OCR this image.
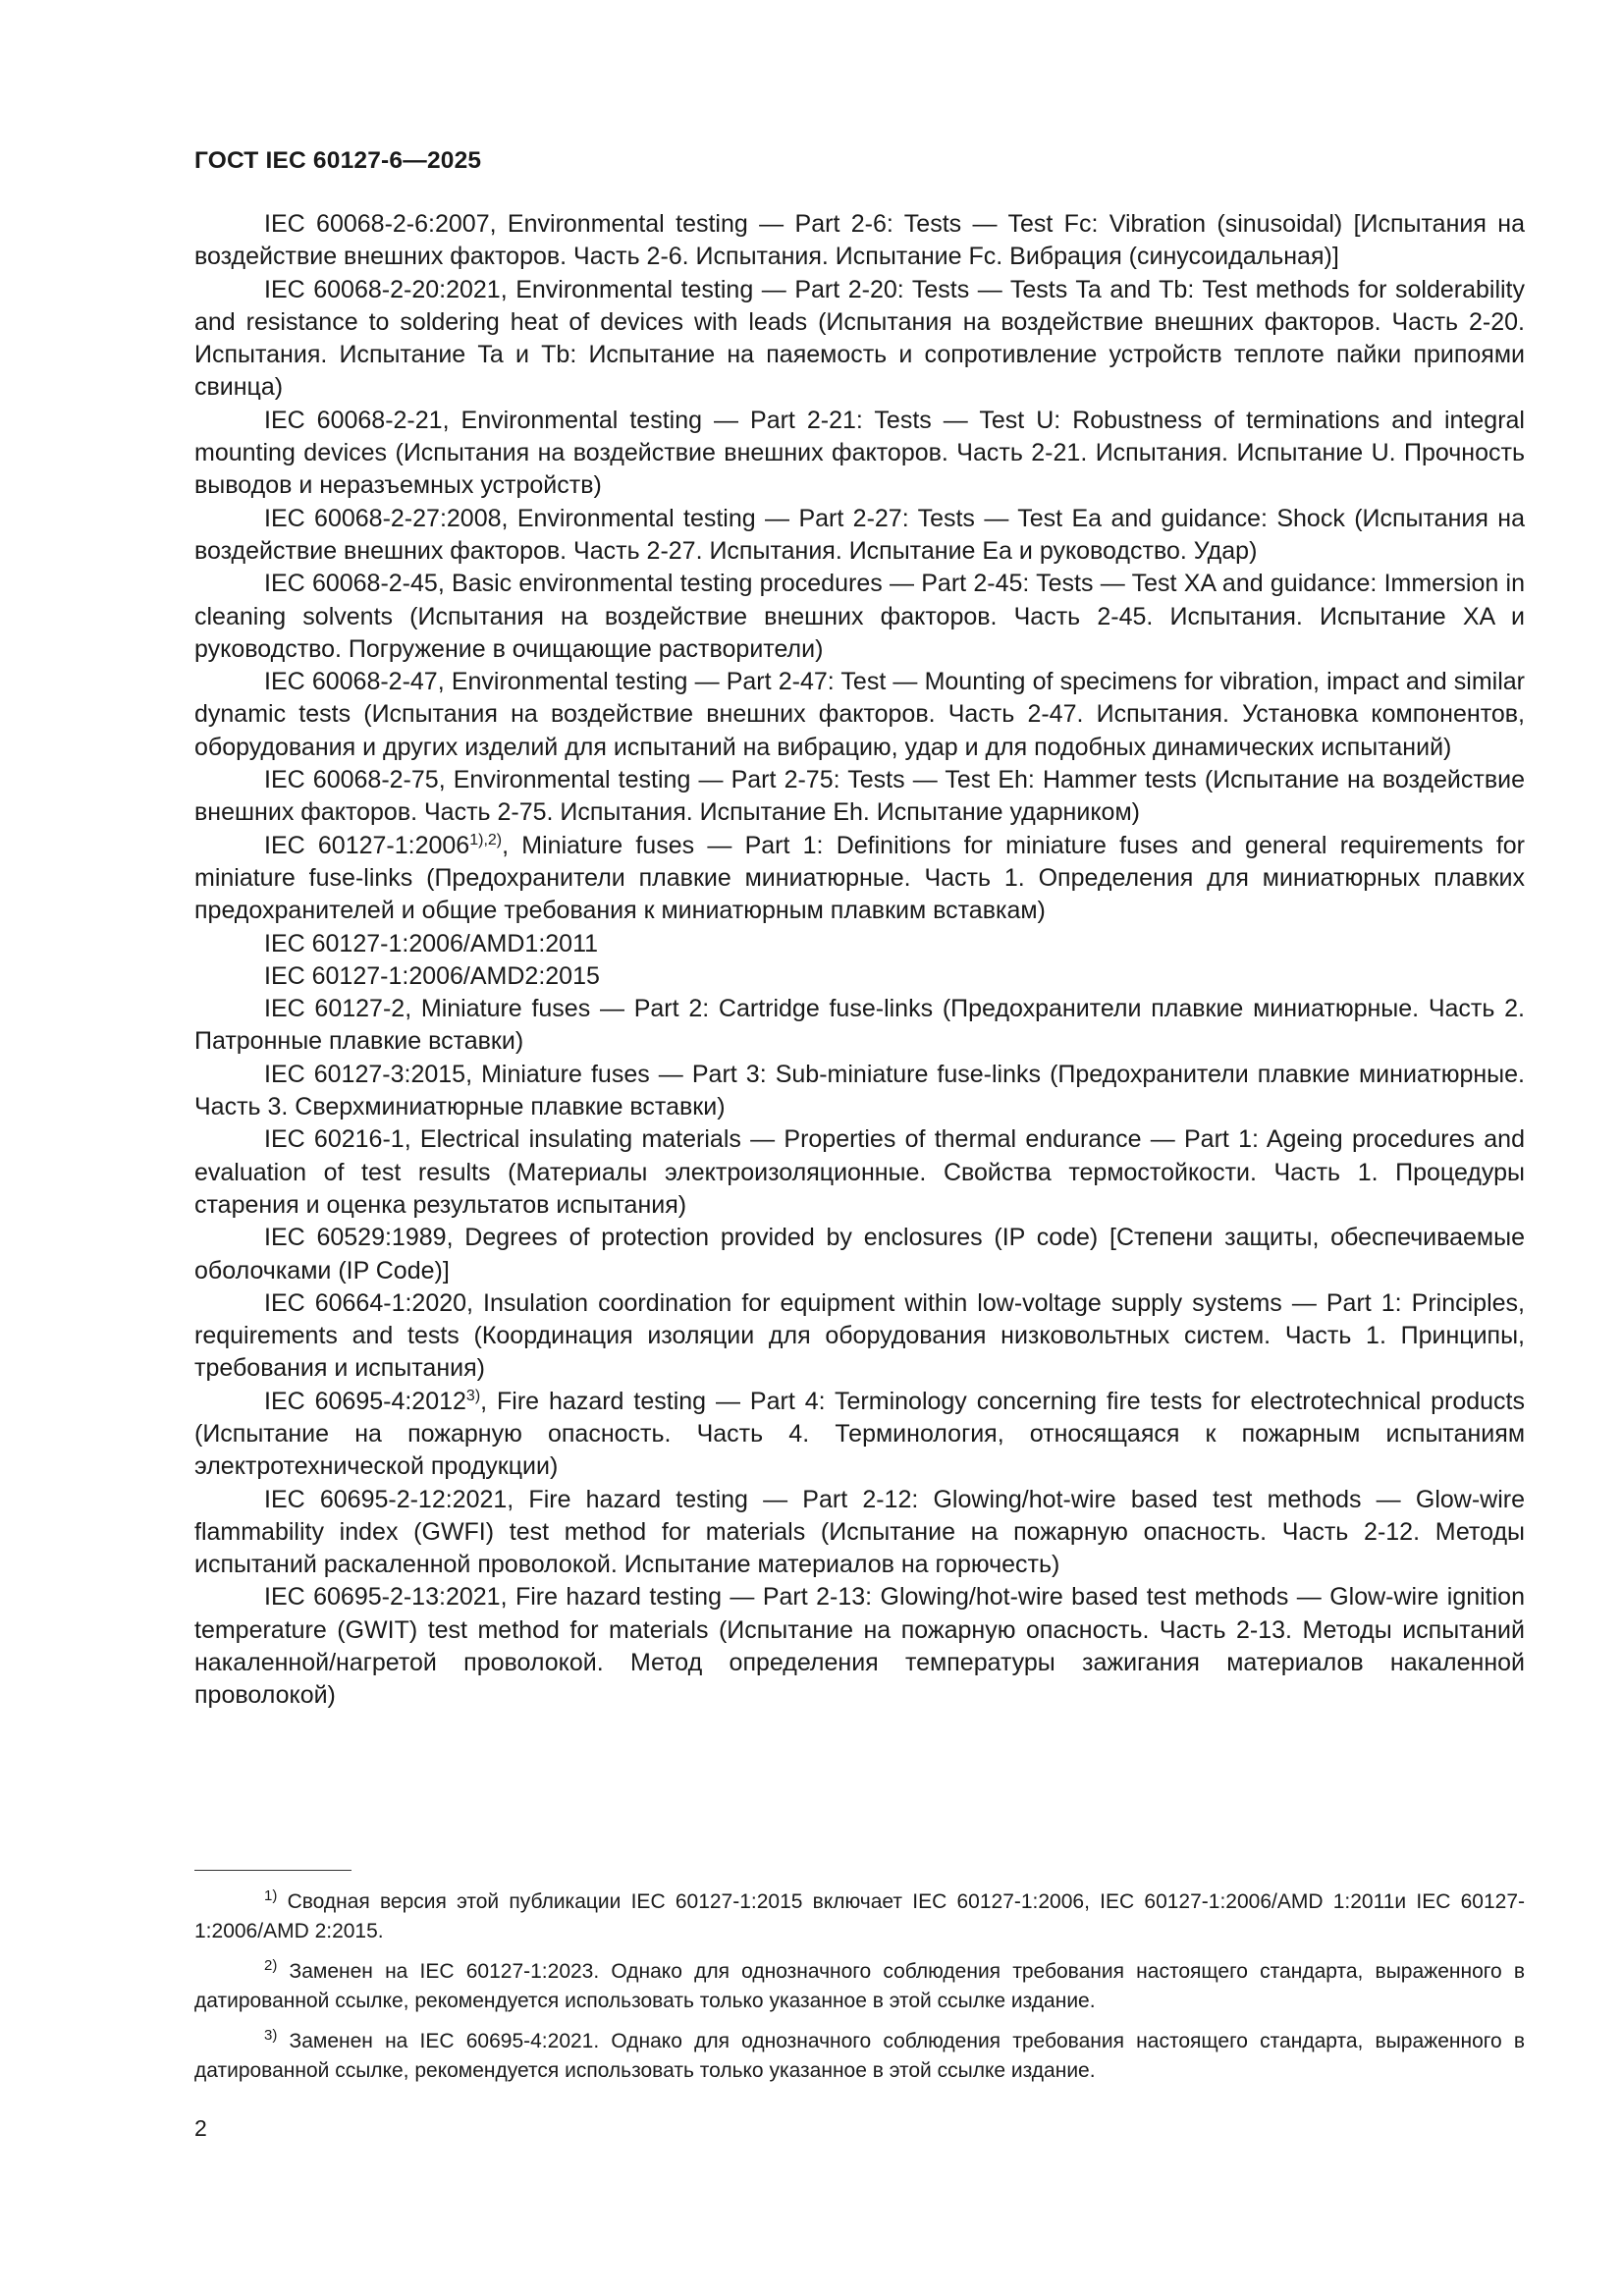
ГОСТ IEC 60127-6—2025

IEC 60068-2-6:2007, Environmental testing — Part 2-6: Tests — Test Fc: Vibration (sinusoidal) [Испытания на воздействие внешних факторов. Часть 2-6. Испытания. Испытание Fc. Вибрация (синусоидальная)]

IEC 60068-2-20:2021, Environmental testing — Part 2-20: Tests — Tests Ta and Tb: Test methods for solderability and resistance to soldering heat of devices with leads (Испытания на воздействие внешних факторов. Часть 2-20. Испытания. Испытание Ta и Tb: Испытание на паяемость и сопротивление устройств теплоте пайки припоями свинца)

IEC 60068-2-21, Environmental testing — Part 2-21: Tests — Test U: Robustness of terminations and integral mounting devices (Испытания на воздействие внешних факторов. Часть 2-21. Испытания. Испытание U. Прочность выводов и неразъемных устройств)

IEC 60068-2-27:2008, Environmental testing — Part 2-27: Tests — Test Ea and guidance: Shock (Испытания на воздействие внешних факторов. Часть 2-27. Испытания. Испытание Ea и руководство. Удар)

IEC 60068-2-45, Basic environmental testing procedures — Part 2-45: Tests — Test XA and guidance: Immersion in cleaning solvents (Испытания на воздействие внешних факторов. Часть 2-45. Испытания. Испытание XA и руководство. Погружение в очищающие растворители)

IEC 60068-2-47, Environmental testing — Part 2-47: Test — Mounting of specimens for vibration, impact and similar dynamic tests (Испытания на воздействие внешних факторов. Часть 2-47. Испытания. Установка компонентов, оборудования и других изделий для испытаний на вибрацию, удар и для подобных динамических испытаний)

IEC 60068-2-75, Environmental testing — Part 2-75: Tests — Test Eh: Hammer tests (Испытание на воздействие внешних факторов. Часть 2-75. Испытания. Испытание Eh. Испытание ударником)

IEC $60127-1:2006^{1),2)}$, Miniature fuses — Part 1: Definitions for miniature fuses and general requirements for miniature fuse-links (Предохранители плавкие миниатюрные. Часть 1. Определения для миниатюрных плавких предохранителей и общие требования к миниатюрным плавким вставкам)

IEC 60127-1:2006/AMD1:2011

IEC 60127-1:2006/AMD2:2015

IEC 60127-2, Miniature fuses — Part 2: Cartridge fuse-links (Предохранители плавкие миниатюрные. Часть 2. Патронные плавкие вставки)

IEC 60127-3:2015, Miniature fuses — Part 3: Sub-miniature fuse-links (Предохранители плавкие миниатюрные. Часть 3. Сверхминиатюрные плавкие вставки)

IEC 60216-1, Electrical insulating materials — Properties of thermal endurance — Part 1: Ageing procedures and evaluation of test results (Материалы электроизоляционные. Свойства термостойкости. Часть 1. Процедуры старения и оценка результатов испытания)

IEC 60529:1989, Degrees of protection provided by enclosures (IP code) [Степени защиты, обеспечиваемые оболочками (IP Code)]

IEC 60664-1:2020, Insulation coordination for equipment within low-voltage supply systems — Part 1: Principles, requirements and tests (Координация изоляции для оборудования низковольтных систем. Часть 1. Принципы, требования и испытания)

IEC 60695-4:2012$^{3)}$, Fire hazard testing — Part 4: Terminology concerning fire tests for electrotechnical products (Испытание на пожарную опасность. Часть 4. Терминология, относящаяся к пожарным испытаниям электротехнической продукции)

IEC 60695-2-12:2021, Fire hazard testing — Part 2-12: Glowing/hot-wire based test methods — Glow-wire flammability index (GWFI) test method for materials (Испытание на пожарную опасность. Часть 2-12. Методы испытаний раскаленной проволокой. Испытание материалов на горючесть)

IEC 60695-2-13:2021, Fire hazard testing — Part 2-13: Glowing/hot-wire based test methods — Glow-wire ignition temperature (GWIT) test method for materials (Испытание на пожарную опасность. Часть 2-13. Методы испытаний накаленной/нагретой проволокой. Метод определения температуры зажигания материалов накаленной проволокой)

$^{1)}$ Сводная версия этой публикации IEC 60127-1:2015 включает IEC 60127-1:2006, IEC 60127-1:2006/AMD 1:2011и IEC 60127-1:2006/AMD 2:2015.

$^{2)}$ Заменен на IEC 60127-1:2023. Однако для однозначного соблюдения требования настоящего стандарта, выраженного в датированной ссылке, рекомендуется использовать только указанное в этой ссылке издание.

$^{3)}$ Заменен на IEC 60695-4:2021. Однако для однозначного соблюдения требования настоящего стандарта, выраженного в датированной ссылке, рекомендуется использовать только указанное в этой ссылке издание.

2
